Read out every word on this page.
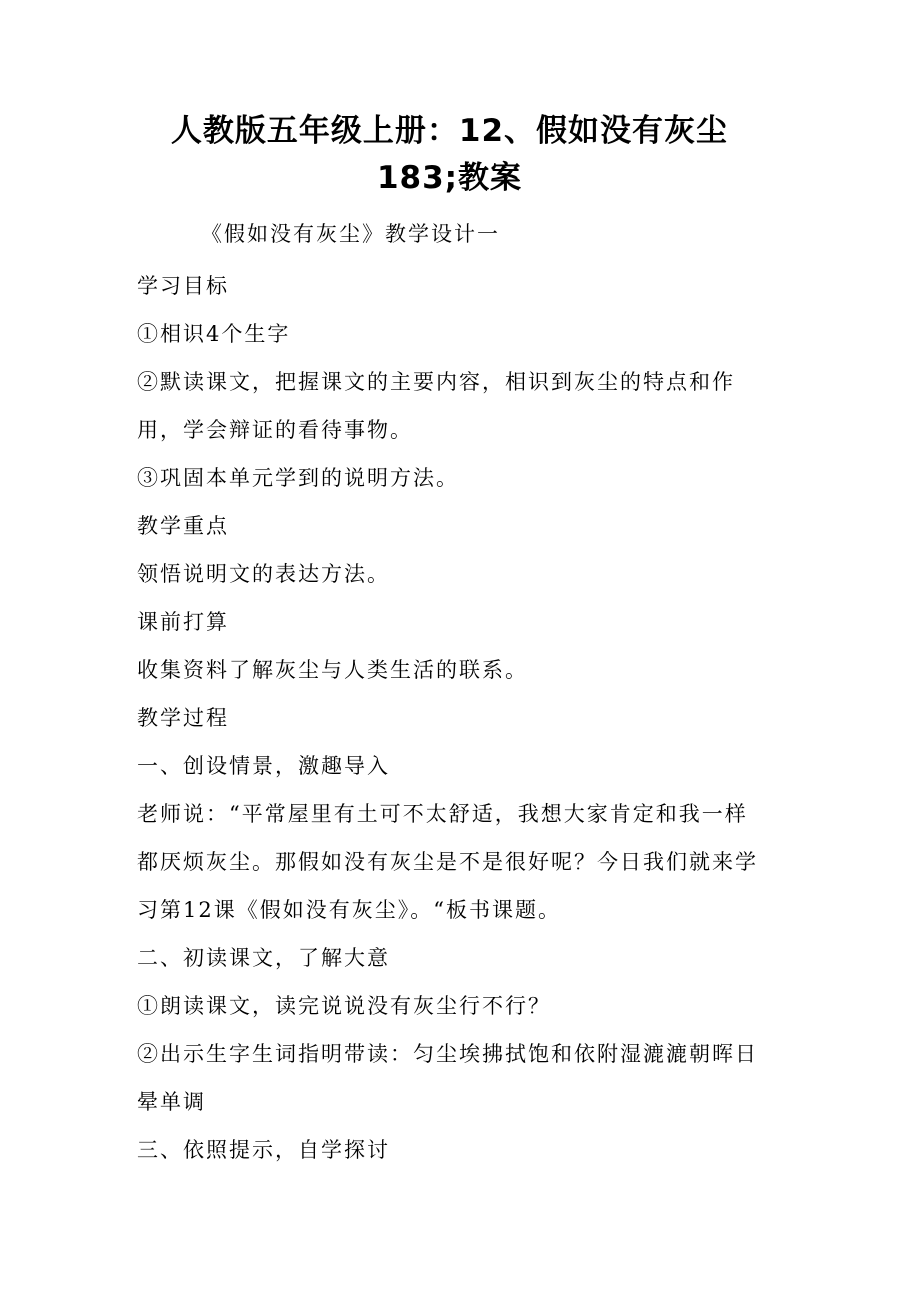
人教版五年级上册：12、假如没有灰尘183;教案

《假如没有灰尘》教学设计一

学习目标

①相识4个生字

②默读课文，把握课文的主要内容，相识到灰尘的特点和作

用，学会辩证的看待事物。

③巩固本单元学到的说明方法。

教学重点

领悟说明文的表达方法。

课前打算

收集资料了解灰尘与人类生活的联系。

教学过程

一、创设情景，激趣导入

老师说：“平常屋里有土可不太舒适，我想大家肯定和我一样

都厌烦灰尘。那假如没有灰尘是不是很好呢？今日我们就来学

习第12课《假如没有灰尘》。“板书课题。

二、初读课文，了解大意

①朗读课文，读完说说没有灰尘行不行？

②出示生字生词指明带读：匀尘埃拂拭饱和依附湿漉漉朝晖日

晕单调

三、依照提示，自学探讨
